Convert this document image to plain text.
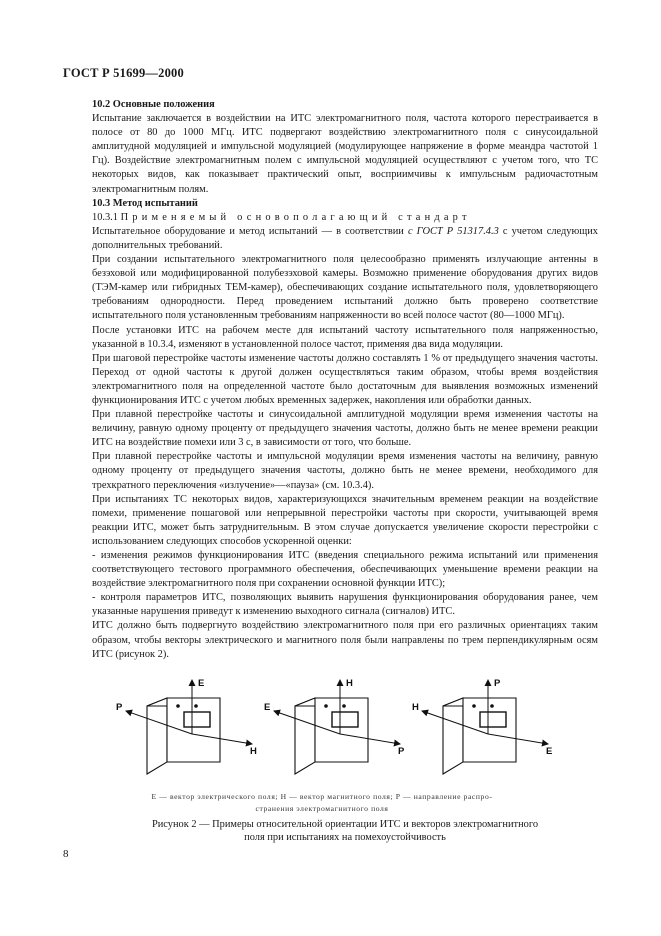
ГОСТ Р 51699—2000

10.2 Основные положения

Испытание заключается в воздействии на ИТС электромагнитного поля, частота которого перестраивается в полосе от 80 до 1000 МГц. ИТС подвергают воздействию электромагнитного поля с синусоидальной амплитудной модуляцией и импульсной модуляцией (модулирующее напряжение в форме меандра частотой 1 Гц). Воздействие электромагнитным полем с импульсной модуляцией осуществляют с учетом того, что ТС некоторых видов, как показывает практический опыт, восприимчивы к импульсным радиочастотным электромагнитным полям.

10.3 Метод испытаний

10.3.1 Применяемый основополагающий стандарт

Испытательное оборудование и метод испытаний — в соответствии с ГОСТ Р 51317.4.3 с учетом следующих дополнительных требований.

При создании испытательного электромагнитного поля целесообразно применять излучающие антенны в безэховой или модифицированной полубезэховой камеры. Возможно применение оборудования других видов (ТЭМ-камер или гибридных ТЕМ-камер), обеспечивающих создание испытательного поля, удовлетворяющего требованиям однородности. Перед проведением испытаний должно быть проверено соответствие испытательного поля установленным требованиям напряженности во всей полосе частот (80—1000 МГц).

После установки ИТС на рабочем месте для испытаний частоту испытательного поля напряженностью, указанной в 10.3.4, изменяют в установленной полосе частот, применяя два вида модуляции.

При шаговой перестройке частоты изменение частоты должно составлять 1 % от предыдущего значения частоты. Переход от одной частоты к другой должен осуществляться таким образом, чтобы время воздействия электромагнитного поля на определенной частоте было достаточным для выявления возможных изменений функционирования ИТС с учетом любых временных задержек, накопления или обработки данных.

При плавной перестройке частоты и синусоидальной амплитудной модуляции время изменения частоты на величину, равную одному проценту от предыдущего значения частоты, должно быть не менее времени реакции ИТС на воздействие помехи или 3 с, в зависимости от того, что больше.

При плавной перестройке частоты и импульсной модуляции время изменения частоты на величину, равную одному проценту от предыдущего значения частоты, должно быть не менее времени, необходимого для трехкратного переключения «излучение»—«пауза» (см. 10.3.4).

При испытаниях ТС некоторых видов, характеризующихся значительным временем реакции на воздействие помехи, применение пошаговой или непрерывной перестройки частоты при скорости, учитывающей время реакции ИТС, может быть затруднительным. В этом случае допускается увеличение скорости перестройки с использованием следующих способов ускоренной оценки:

- изменения режимов функционирования ИТС (введения специального режима испытаний или применения соответствующего тестового программного обеспечения, обеспечивающих уменьшение времени реакции на воздействие электромагнитного поля при сохранении основной функции ИТС);

- контроля параметров ИТС, позволяющих выявить нарушения функционирования оборудования ранее, чем указанные нарушения приведут к изменению выходного сигнала (сигналов) ИТС.

ИТС должно быть подвергнуто воздействию электромагнитного поля при его различных ориентациях таким образом, чтобы векторы электрического и магнитного поля были направлены по трем перпендикулярным осям ИТС (рисунок 2).

E
H
P
H
P
E
P
E
H
Е — вектор электрического поля; Н — вектор магнитного поля; Р — направление распро-
странения электромагнитного поля
Рисунок 2 — Примеры относительной ориентации ИТС и векторов электромагнитного
поля при испытаниях на помехоустойчивость
8
